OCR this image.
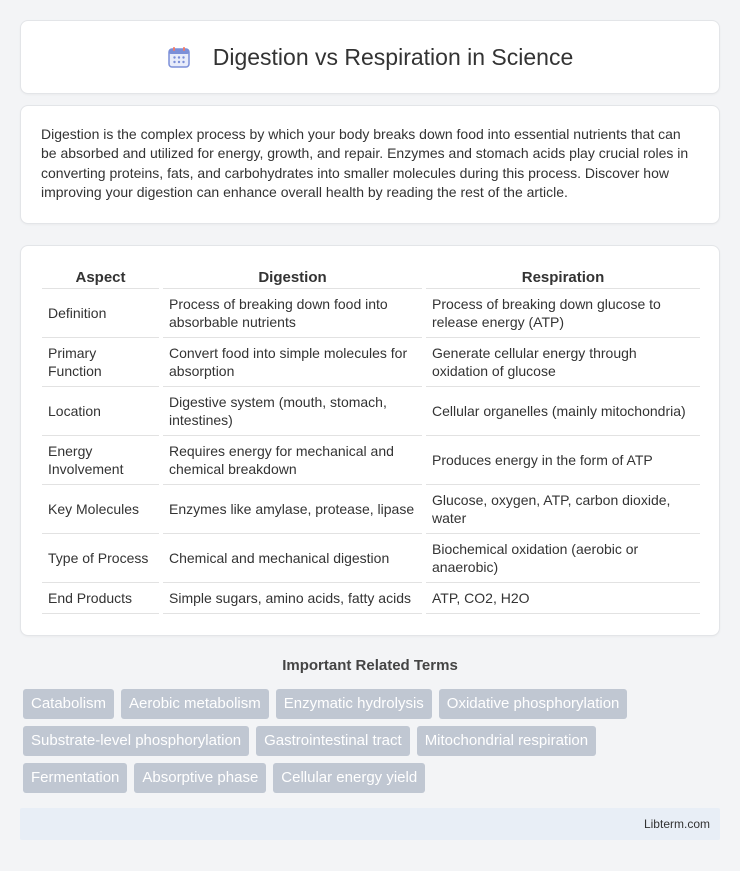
Digestion vs Respiration in Science

Digestion is the complex process by which your body breaks down food into essential nutrients that can be absorbed and utilized for energy, growth, and repair. Enzymes and stomach acids play crucial roles in converting proteins, fats, and carbohydrates into smaller molecules during this process. Discover how improving your digestion can enhance overall health by reading the rest of the article.

Aspect	Digestion	Respiration
Definition	Process of breaking down food into absorbable nutrients	Process of breaking down glucose to release energy (ATP)
Primary Function	Convert food into simple molecules for absorption	Generate cellular energy through oxidation of glucose
Location	Digestive system (mouth, stomach, intestines)	Cellular organelles (mainly mitochondria)
Energy Involvement	Requires energy for mechanical and chemical breakdown	Produces energy in the form of ATP
Key Molecules	Enzymes like amylase, protease, lipase	Glucose, oxygen, ATP, carbon dioxide, water
Type of Process	Chemical and mechanical digestion	Biochemical oxidation (aerobic or anaerobic)
End Products	Simple sugars, amino acids, fatty acids	ATP, CO2, H2O
Important Related Terms
Catabolism	Aerobic metabolism	Enzymatic hydrolysis	Oxidative phosphorylation
Substrate-level phosphorylation	Gastrointestinal tract	Mitochondrial respiration
Fermentation	Absorptive phase	Cellular energy yield
Libterm.com
